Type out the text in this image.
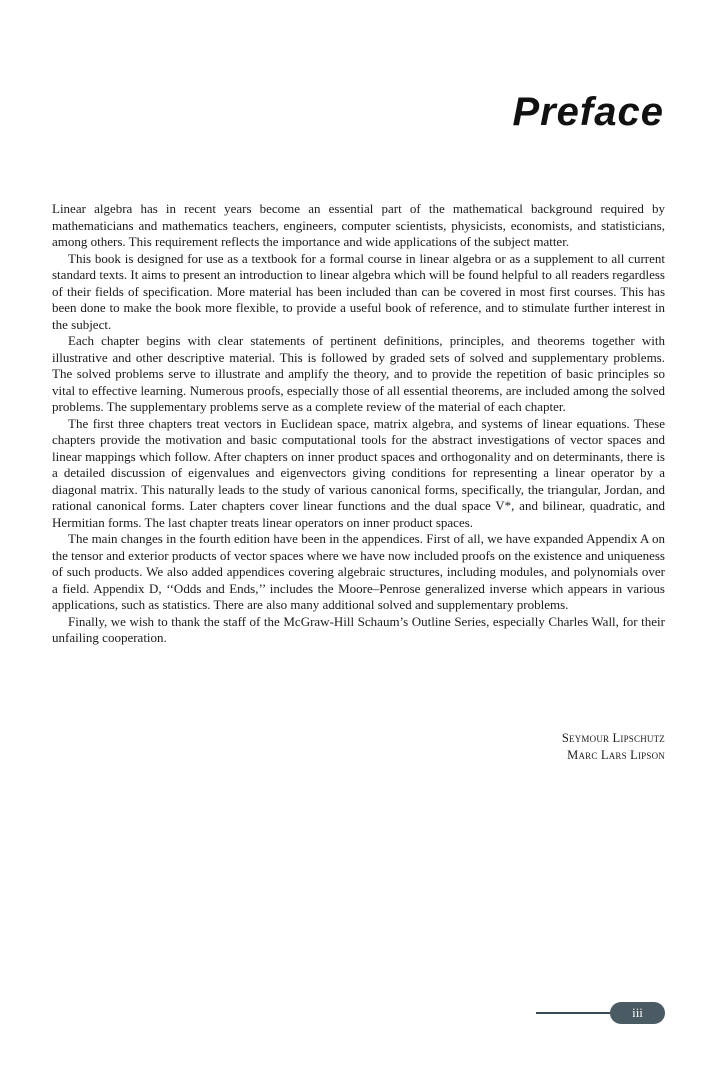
Preface

Linear algebra has in recent years become an essential part of the mathematical background required by mathematicians and mathematics teachers, engineers, computer scientists, physicists, economists, and statisticians, among others. This requirement reflects the importance and wide applications of the subject matter.

This book is designed for use as a textbook for a formal course in linear algebra or as a supplement to all current standard texts. It aims to present an introduction to linear algebra which will be found helpful to all readers regardless of their fields of specification. More material has been included than can be covered in most first courses. This has been done to make the book more flexible, to provide a useful book of reference, and to stimulate further interest in the subject.

Each chapter begins with clear statements of pertinent definitions, principles, and theorems together with illustrative and other descriptive material. This is followed by graded sets of solved and supplementary problems. The solved problems serve to illustrate and amplify the theory, and to provide the repetition of basic principles so vital to effective learning. Numerous proofs, especially those of all essential theorems, are included among the solved problems. The supplementary problems serve as a complete review of the material of each chapter.

The first three chapters treat vectors in Euclidean space, matrix algebra, and systems of linear equations. These chapters provide the motivation and basic computational tools for the abstract investigations of vector spaces and linear mappings which follow. After chapters on inner product spaces and orthogonality and on determinants, there is a detailed discussion of eigenvalues and eigenvectors giving conditions for representing a linear operator by a diagonal matrix. This naturally leads to the study of various canonical forms, specifically, the triangular, Jordan, and rational canonical forms. Later chapters cover linear functions and the dual space V*, and bilinear, quadratic, and Hermitian forms. The last chapter treats linear operators on inner product spaces.

The main changes in the fourth edition have been in the appendices. First of all, we have expanded Appendix A on the tensor and exterior products of vector spaces where we have now included proofs on the existence and uniqueness of such products. We also added appendices covering algebraic structures, including modules, and polynomials over a field. Appendix D, ‘‘Odds and Ends,’’ includes the Moore–Penrose generalized inverse which appears in various applications, such as statistics. There are also many additional solved and supplementary problems.

Finally, we wish to thank the staff of the McGraw-Hill Schaum’s Outline Series, especially Charles Wall, for their unfailing cooperation.

Seymour Lipschutz
Marc Lars Lipson
iii
